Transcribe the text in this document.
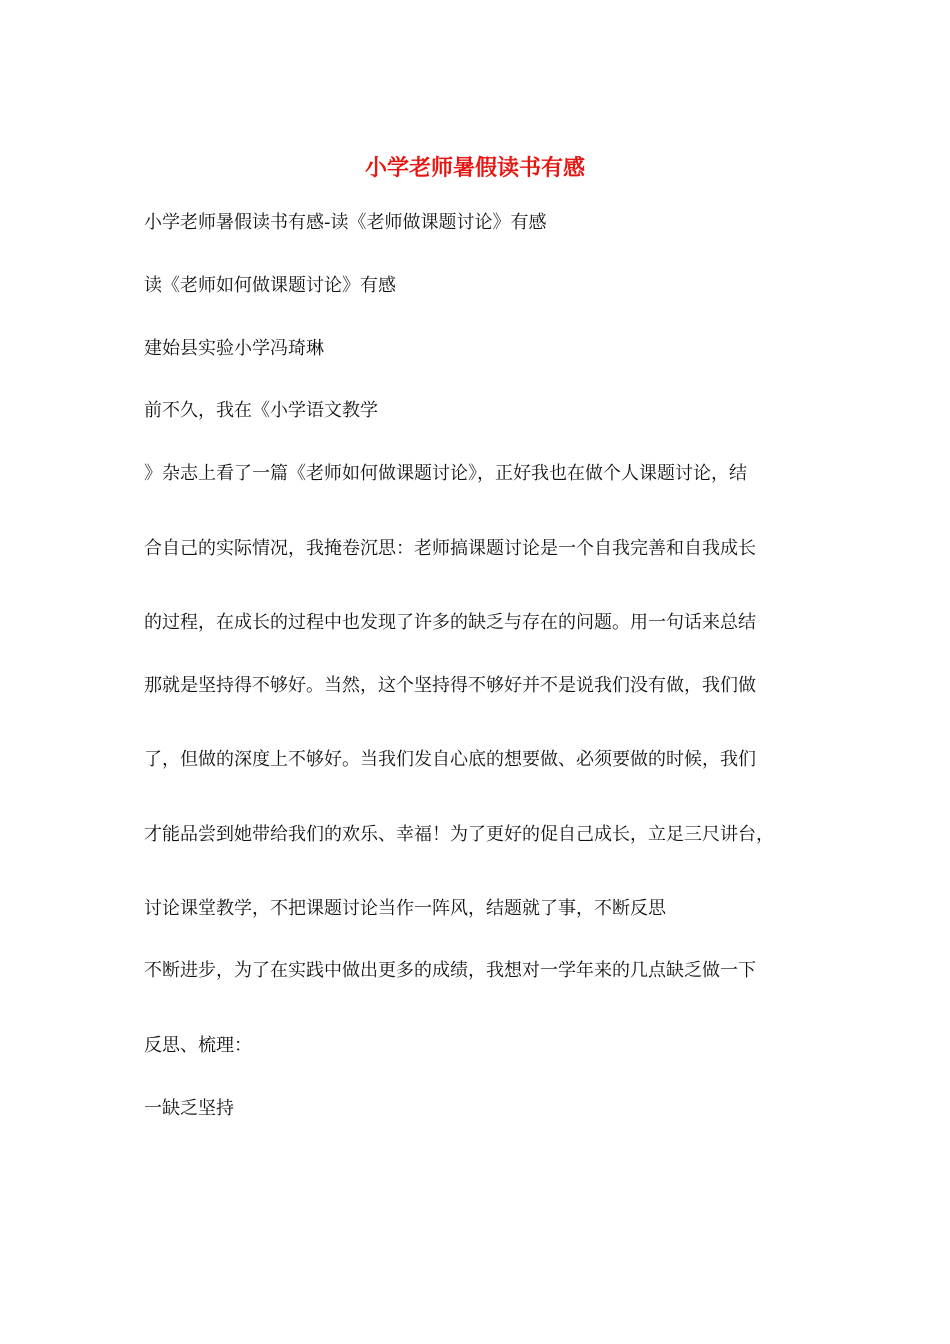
小学老师暑假读书有感
小学老师暑假读书有感-读《老师做课题讨论》有感
读《老师如何做课题讨论》有感
建始县实验小学冯琦琳
前不久，我在《小学语文教学
》杂志上看了一篇《老师如何做课题讨论》，正好我也在做个人课题讨论，结
合自己的实际情况，我掩卷沉思：老师搞课题讨论是一个自我完善和自我成长
的过程，在成长的过程中也发现了许多的缺乏与存在的问题。用一句话来总结
那就是坚持得不够好。当然，这个坚持得不够好并不是说我们没有做，我们做
了，但做的深度上不够好。当我们发自心底的想要做、必须要做的时候，我们
才能品尝到她带给我们的欢乐、幸福！为了更好的促自己成长，立足三尺讲台，
讨论课堂教学，不把课题讨论当作一阵风，结题就了事，不断反思
不断进步，为了在实践中做出更多的成绩，我想对一学年来的几点缺乏做一下
反思、梳理：
一缺乏坚持
